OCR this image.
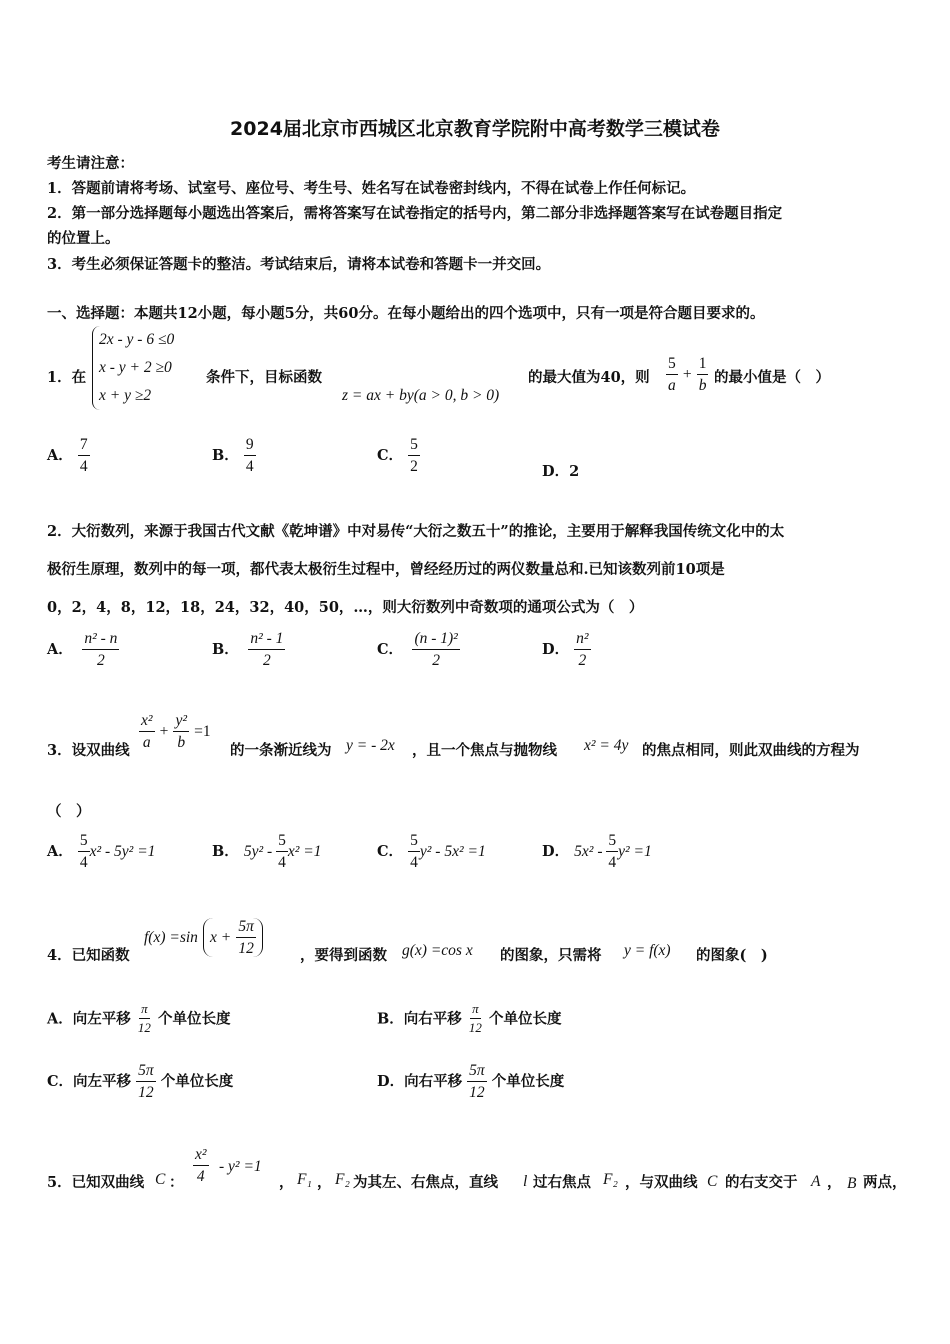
2024届北京市西城区北京教育学院附中高考数学三模试卷
考生请注意：
1．答题前请将考场、试室号、座位号、考生号、姓名写在试卷密封线内，不得在试卷上作任何标记。
2．第一部分选择题每小题选出答案后，需将答案写在试卷指定的括号内，第二部分非选择题答案写在试卷题目指定
的位置上。
3．考生必须保证答题卡的整洁。考试结束后，请将本试卷和答题卡一并交回。
一、选择题：本题共12小题，每小题5分，共60分。在每小题给出的四个选项中，只有一项是符合题目要求的。
1．在
2x - y - 6 ≤0
x - y + 2 ≥0
x + y ≥2
条件下，目标函数
z = ax + by(a > 0, b > 0)
的最大值为40，则 $\frac{5}{a} + \frac{1}{b}$ 的最小值是（　）
A． $\frac{7}{4}$	B． $\frac{9}{4}$	C． $\frac{5}{2}$	D．2
2．大衍数列，来源于我国古代文献《乾坤谱》中对易传“大衍之数五十”的推论，主要用于解释我国传统文化中的太
极衍生原理，数列中的每一项，都代表太极衍生过程中，曾经经历过的两仪数量总和.已知该数列前10项是
0，2，4，8，12，18，24，32，40，50，…，则大衍数列中奇数项的通项公式为（　）
A． $\frac{\text{n² - n}}{2}$	B． $\frac{\text{n² - 1}}{2}$	C． $\frac{\text{(n - 1)²}}{2}$	D． $\frac{\text{n²}}{2}$
3．设双曲线 $\frac{\text{x²}}{a} + \frac{\text{y²}}{b} =1$
的一条渐近线为 y = - 2x ，且一个焦点与抛物线 x² = 4y 的焦点相同，则此双曲线的方程为
（　）
A． $\frac{5}{4} x^2 - 5y^2 =1$	B． $5y^2 - \frac{5}{4} x^2 =1$	C． $\frac{5}{4} y^2 - 5x^2 =1$	D． $5x^2 - \frac{5}{4} y^2 =1$
4．已知函数
f(x) =sin $x + \frac{5\pi}{12}$	，要得到函数 g(x) =cos x 的图象，只需将 y = f(x) 的图象(　)
A．向左平移 $\frac{\pi}{12}$ 个单位长度	B．向右平移 $\frac{\pi}{12}$ 个单位长度
C．向左平移 $\frac{5\pi}{12}$ 个单位长度	D．向右平移 $\frac{5\pi}{12}$ 个单位长度
5．已知双曲线 C ： $\frac{\text{x²}}{4} - y^2 =1$
， F₁ ， F₂ 为其左、右焦点，直线 l 过右焦点 F₂ ，与双曲线 C 的右支交于 A ， B 两点，
